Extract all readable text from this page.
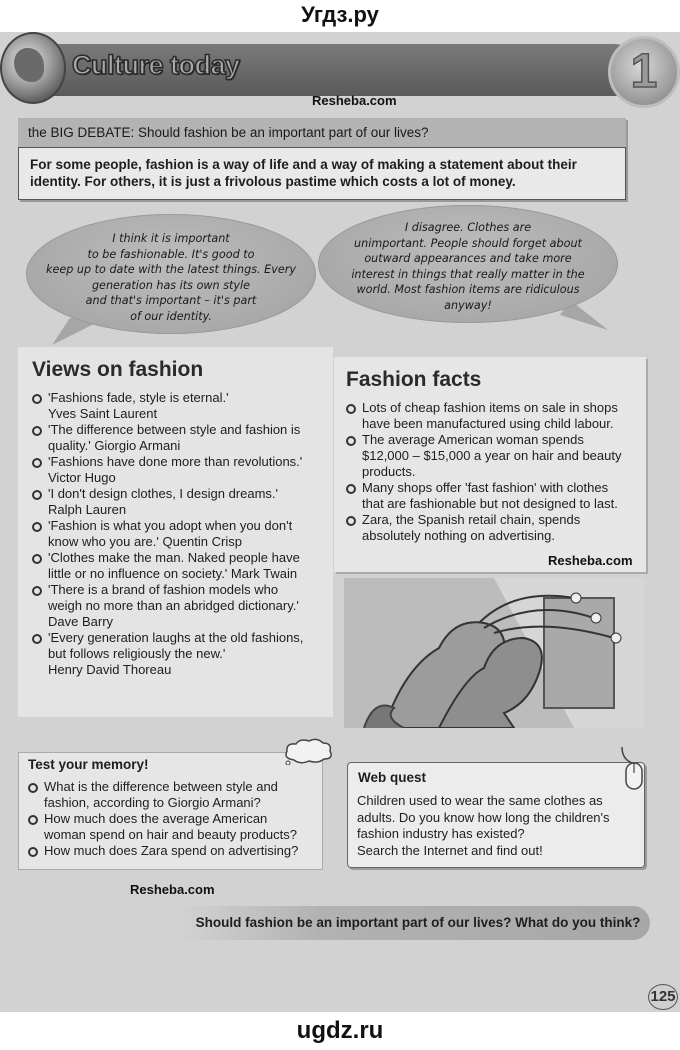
Угдз.ру
Culture today	1
Resheba.com
the BIG DEBATE: Should fashion be an important part of our lives?
For some people, fashion is a way of life and a way of making a statement about their
identity. For others, it is just a frivolous pastime which costs a lot of money.
I think it is important
to be fashionable. It's good to
keep up to date with the latest things. Every
generation has its own style
and that's important – it's part
of our identity.
I disagree. Clothes are
unimportant. People should forget about
outward appearances and take more
interest in things that really matter in the
world. Most fashion items are ridiculous
anyway!
Views on fashion
'Fashions fade, style is eternal.'
Yves Saint Laurent
'The difference between style and fashion is
quality.' Giorgio Armani
'Fashions have done more than revolutions.'
Victor Hugo
'I don't design clothes, I design dreams.'
Ralph Lauren
'Fashion is what you adopt when you don't
know who you are.' Quentin Crisp
'Clothes make the man. Naked people have
little or no influence on society.' Mark Twain
'There is a brand of fashion models who
weigh no more than an abridged dictionary.'
Dave Barry
'Every generation laughs at the old fashions,
but follows religiously the new.'
Henry David Thoreau
Fashion facts
Lots of cheap fashion items on sale in shops
have been manufactured using child labour.
The average American woman spends
$12,000 – $15,000 a year on hair and beauty
products.
Many shops offer 'fast fashion' with clothes
that are fashionable but not designed to last.
Zara, the Spanish retail chain, spends
absolutely nothing on advertising.
Resheba.com
Test your memory!
What is the difference between style and
fashion, according to Giorgio Armani?
How much does the average American
woman spend on hair and beauty products?
How much does Zara spend on advertising?
Web quest
Children used to wear the same clothes as
adults. Do you know how long the children's
fashion industry has existed?
Search the Internet and find out!
Resheba.com
Should fashion be an important part of our lives? What do you think?
125
ugdz.ru
